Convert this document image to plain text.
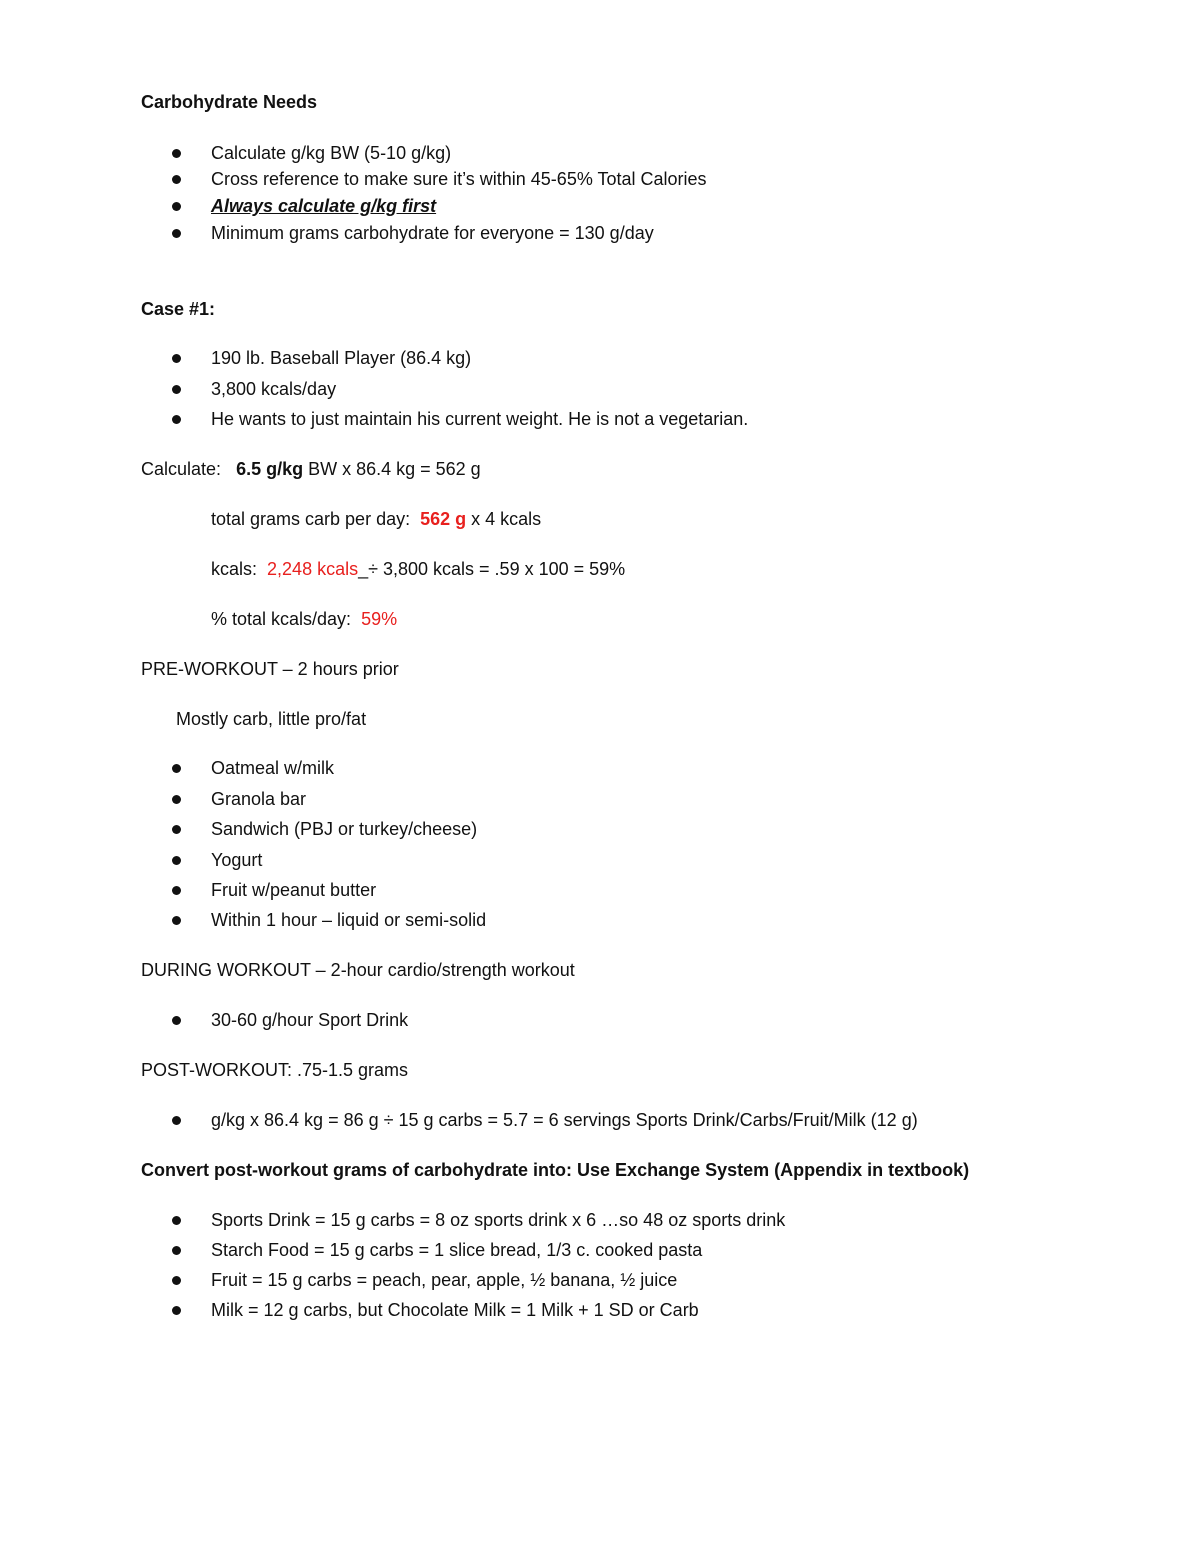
Carbohydrate Needs
Calculate g/kg BW (5-10 g/kg)
Cross reference to make sure it’s within 45-65% Total Calories
Always calculate g/kg first
Minimum grams carbohydrate for everyone = 130 g/day
Case #1:
190 lb. Baseball Player (86.4 kg)
3,800 kcals/day
He wants to just maintain his current weight. He is not a vegetarian.
Calculate: 6.5 g/kg BW x 86.4 kg = 562 g
total grams carb per day: 562 g x 4 kcals
kcals: 2,248 kcals_÷ 3,800 kcals = .59 x 100 = 59%
% total kcals/day: 59%
PRE-WORKOUT – 2 hours prior
Mostly carb, little pro/fat
Oatmeal w/milk
Granola bar
Sandwich (PBJ or turkey/cheese)
Yogurt
Fruit w/peanut butter
Within 1 hour – liquid or semi-solid
DURING WORKOUT – 2-hour cardio/strength workout
30-60 g/hour Sport Drink
POST-WORKOUT: .75-1.5 grams
g/kg x 86.4 kg = 86 g ÷ 15 g carbs = 5.7 = 6 servings Sports Drink/Carbs/Fruit/Milk (12 g)
Convert post-workout grams of carbohydrate into: Use Exchange System (Appendix in textbook)
Sports Drink = 15 g carbs = 8 oz sports drink x 6 …so 48 oz sports drink
Starch Food = 15 g carbs = 1 slice bread, 1/3 c. cooked pasta
Fruit = 15 g carbs = peach, pear, apple, ½ banana, ½ juice
Milk = 12 g carbs, but Chocolate Milk = 1 Milk + 1 SD or Carb
